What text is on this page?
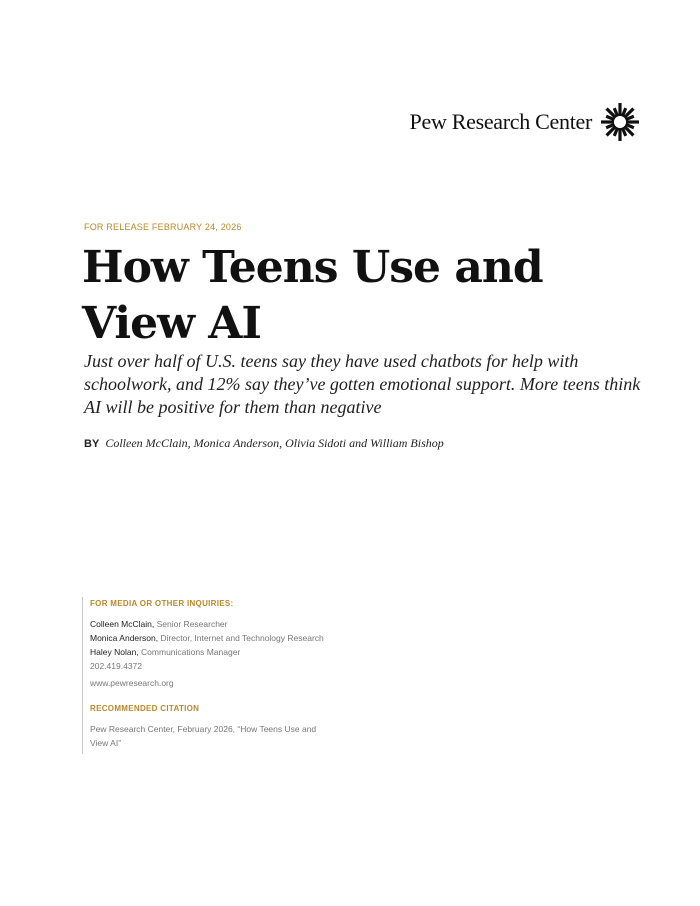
Pew Research Center
FOR RELEASE FEBRUARY 24, 2026
How Teens Use and View AI

Just over half of U.S. teens say they have used chatbots for help with schoolwork, and 12% say they’ve gotten emotional support. More teens think AI will be positive for them than negative

BY Colleen McClain, Monica Anderson, Olivia Sidoti and William Bishop
FOR MEDIA OR OTHER INQUIRIES:
Colleen McClain, Senior Researcher
Monica Anderson, Director, Internet and Technology Research
Haley Nolan, Communications Manager
202.419.4372
www.pewresearch.org
RECOMMENDED CITATION
Pew Research Center, February 2026, “How Teens Use and View AI”
